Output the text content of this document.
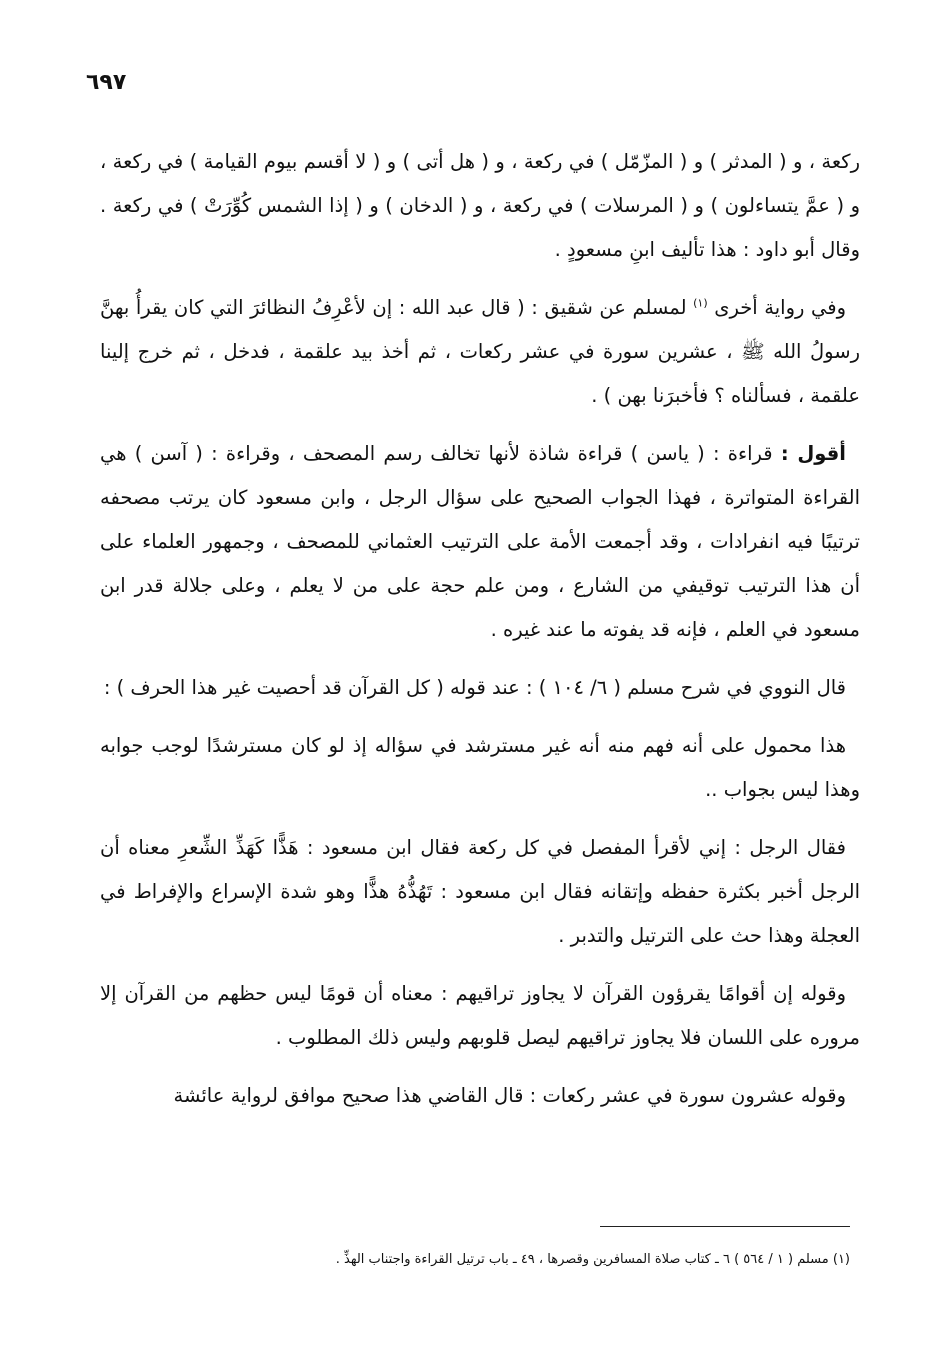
٦٩٧

ركعة ، و ( المدثر ) و ( المزّمّل ) في ركعة ، و ( هل أتى ) و ( لا أقسم بيوم القيامة ) في ركعة ، و ( عمَّ يتساءلون ) و ( المرسلات ) في ركعة ، و ( الدخان ) و ( إذا الشمس كُوِّرَتْ ) في ركعة . وقال أبو داود : هذا تأليف ابنِ مسعودٍ .

وفي رواية أخرى $^{(١)}$ لمسلم عن شقيق : ( قال عبد الله : إن لأعْرِفُ النظائرَ التي كان يقرأُ بهنَّ رسولُ الله ﷺ ، عشرين سورة في عشر ركعات ، ثم أخذ بيد علقمة ، فدخل ، ثم خرج إلينا علقمة ، فسألناه ؟ فأخبرَنا بهن ) .

أقول : قراءة : ( ياسن ) قراءة شاذة لأنها تخالف رسم المصحف ، وقراءة : ( آسن ) هي القراءة المتواترة ، فهذا الجواب الصحيح على سؤال الرجل ، وابن مسعود كان يرتب مصحفه ترتيبًا فيه انفرادات ، وقد أجمعت الأمة على الترتيب العثماني للمصحف ، وجمهور العلماء على أن هذا الترتيب توقيفي من الشارع ، ومن علم حجة على من لا يعلم ، وعلى جلالة قدر ابن مسعود في العلم ، فإنه قد يفوته ما عند غيره .

قال النووي في شرح مسلم ( ٦/ ١٠٤ ) : عند قوله ( كل القرآن قد أحصيت غير هذا الحرف ) :

هذا محمول على أنه فهم منه أنه غير مسترشد في سؤاله إذ لو كان مسترشدًا لوجب جوابه وهذا ليس بجواب ..

فقال الرجل : إني لأقرأ المفصل في كل ركعة فقال ابن مسعود : هَذًّا كَهَذِّ الشِّعرِ معناه أن الرجل أخبر بكثرة حفظه وإتقانه فقال ابن مسعود : تَهُذُّهُ هذًّا وهو شدة الإسراع والإفراط في العجلة وهذا حث على الترتيل والتدبر .

وقوله إن أقوامًا يقرؤون القرآن لا يجاوز تراقيهم : معناه أن قومًا ليس حظهم من القرآن إلا مروره على اللسان فلا يجاوز تراقيهم ليصل قلوبهم وليس ذلك المطلوب .

وقوله عشرون سورة في عشر ركعات : قال القاضي هذا صحيح موافق لرواية عائشة

(١) مسلم ( ١ / ٥٦٤ ) ٦ ـ كتاب صلاة المسافرين وقصرها ، ٤٩ ـ باب ترتيل القراءة واجتناب الهذِّ .
